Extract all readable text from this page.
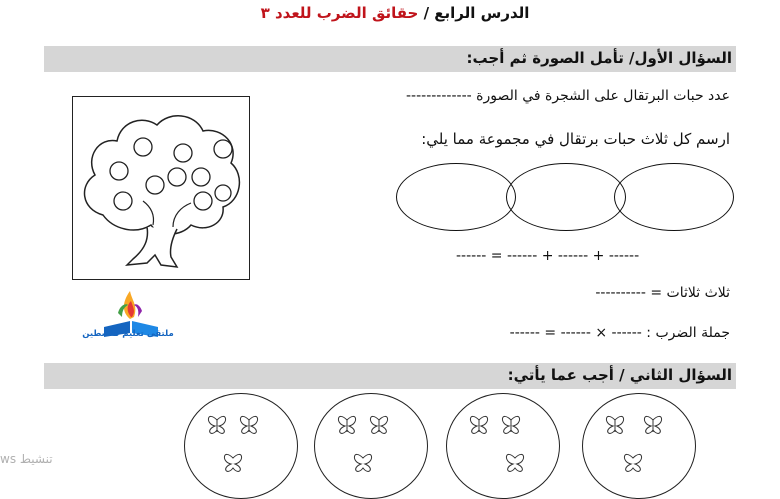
الدرس الرابع / حقائق الضرب للعدد ٣
السؤال الأول/ تأمل الصورة ثم أجب:
عدد حبات البرتقال على الشجرة في الصورة -------------
ارسم كل ثلاث حبات برتقال في مجموعة مما يلي:
------ = ------ + ------ + ------
ثلاث ثلاثات = ----------
جملة الضرب : ------ × ------ = ------
ملتقى تعليم فلسطين
السؤال الثاني / أجب عما يأتي:
تنشيط ws
